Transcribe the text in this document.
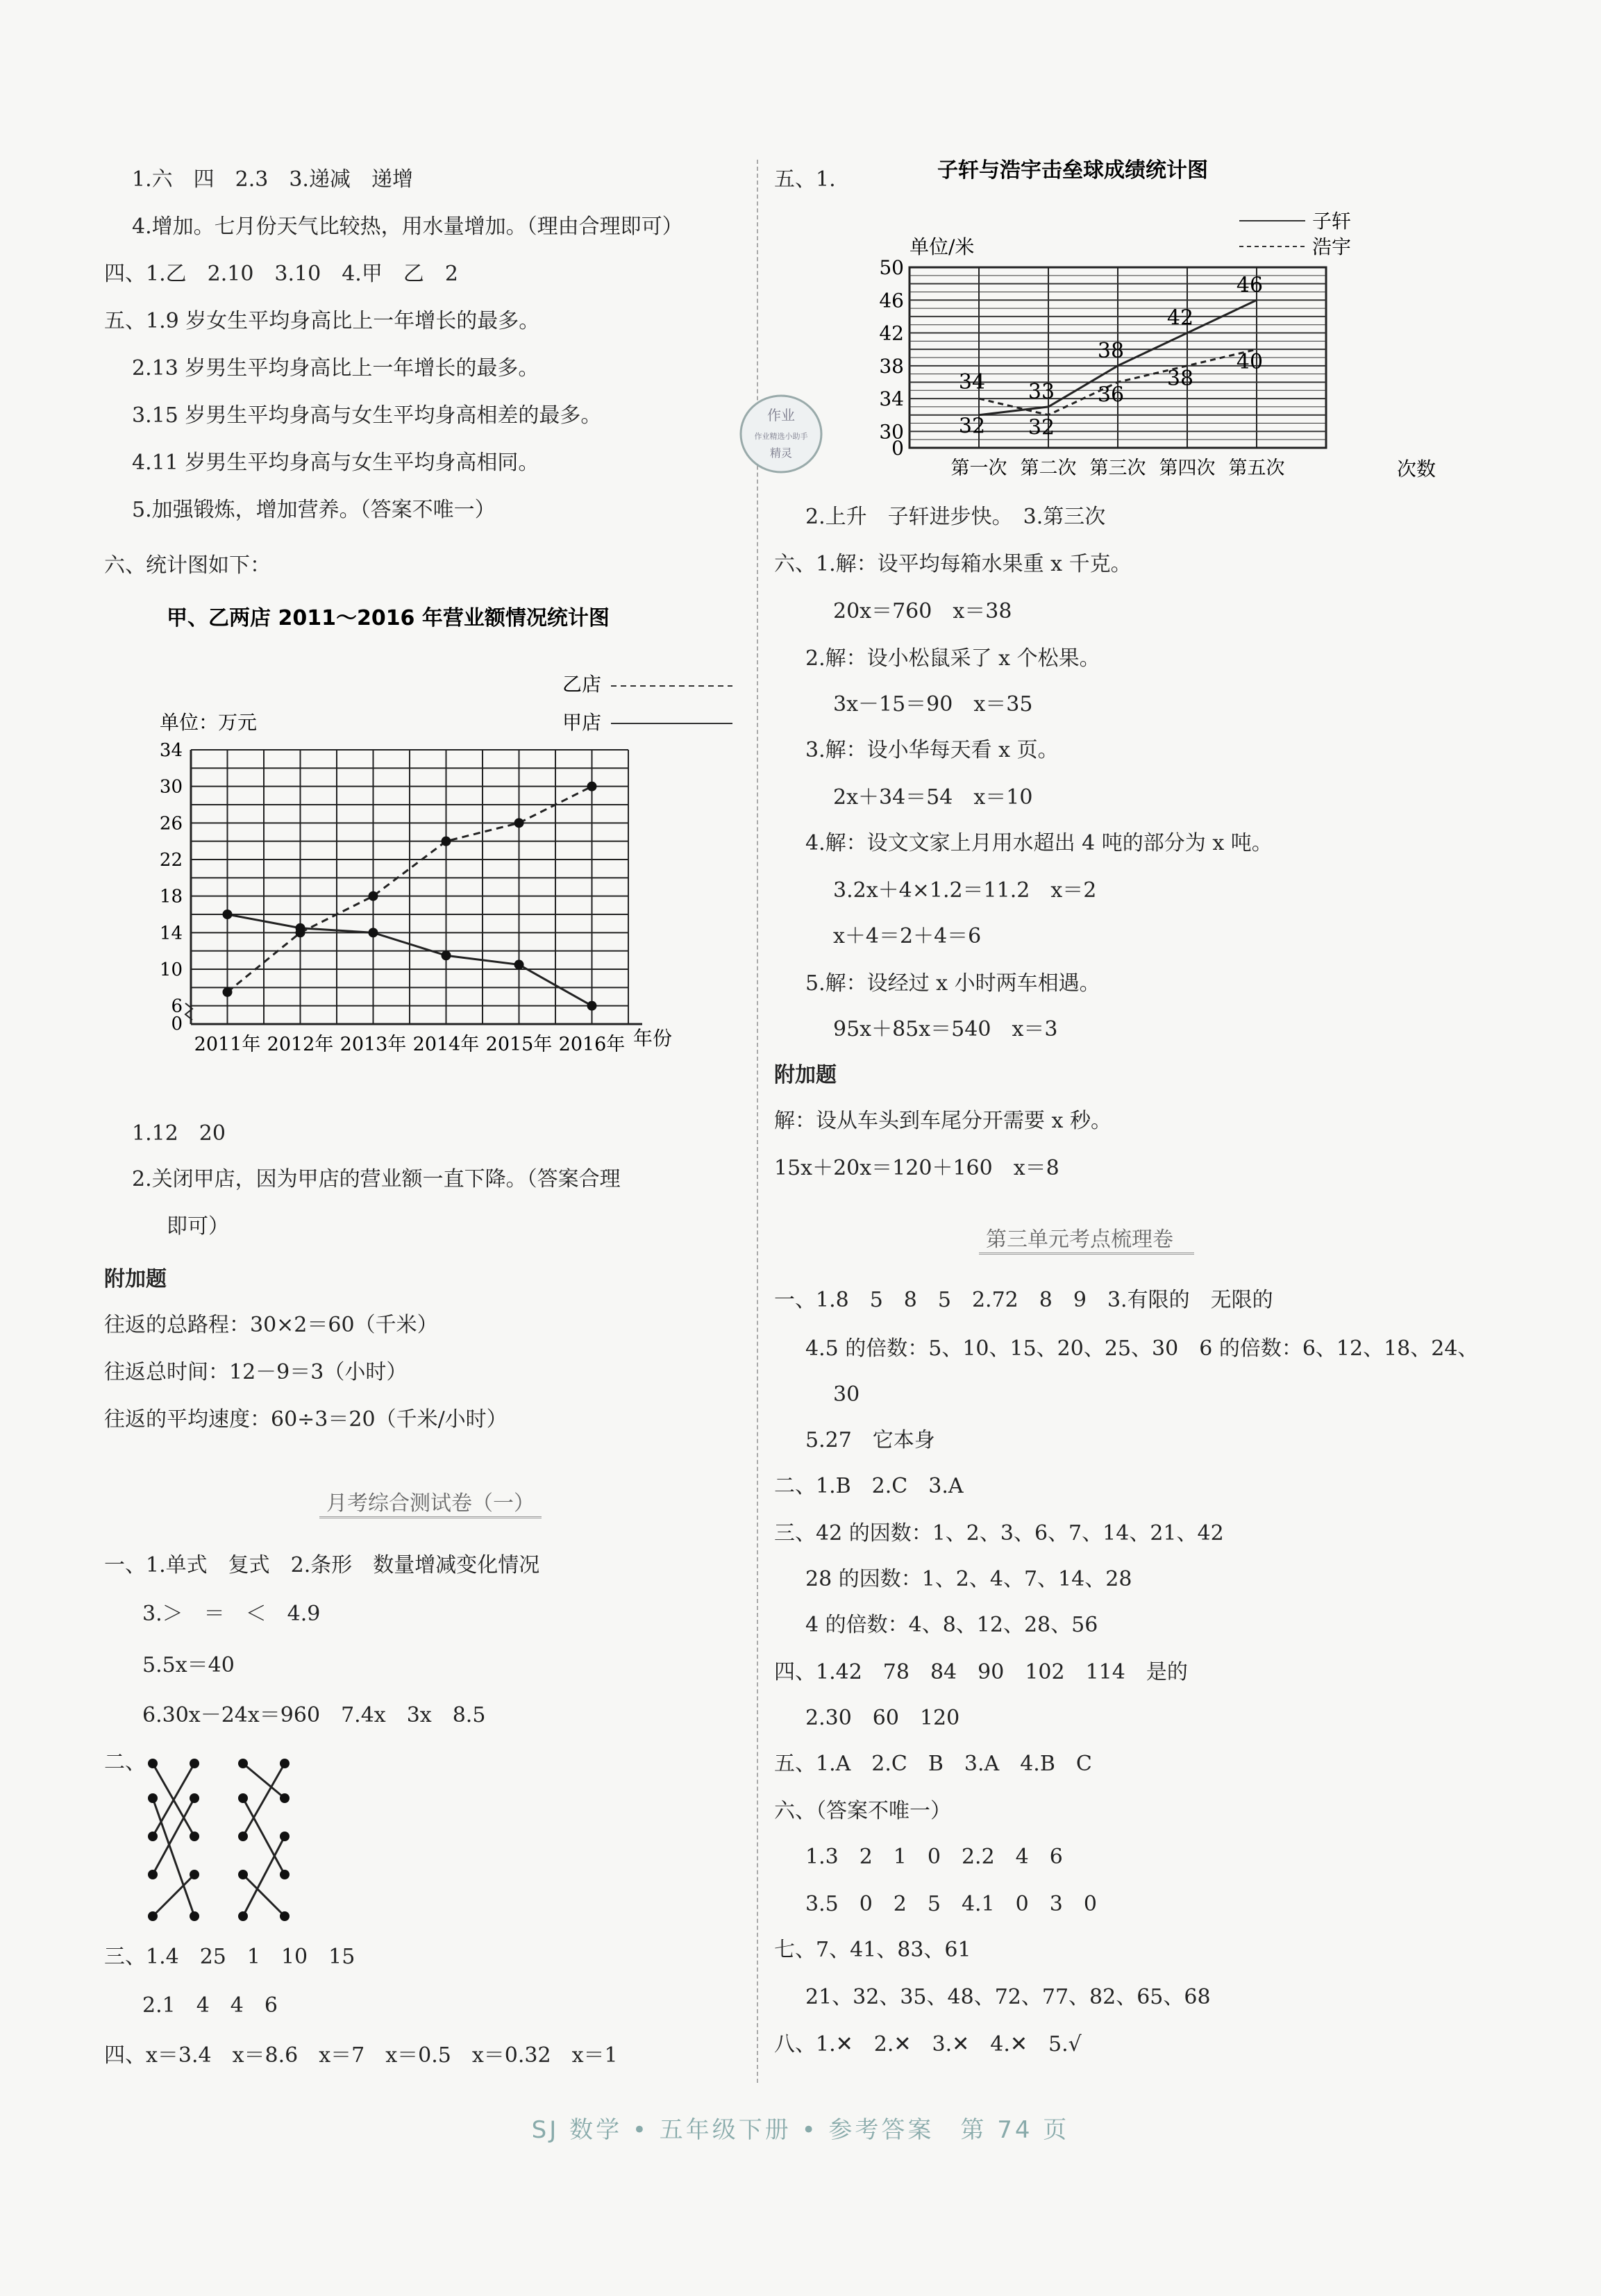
1.六　四　2.3　3.递减　递增
4.增加。七月份天气比较热，用水量增加。（理由合理即可）
四、1.乙　2.10　3.10　4.甲　乙　2
五、1.9 岁女生平均身高比上一年增长的最多。
2.13 岁男生平均身高比上一年增长的最多。
3.15 岁男生平均身高与女生平均身高相差的最多。
4.11 岁男生平均身高与女生平均身高相同。
5.加强锻炼，增加营养。（答案不唯一）
六、统计图如下：
甲、乙两店 2011～2016 年营业额情况统计图
单位：万元
乙店
甲店
0
6
10
14
18
22
26
30
34
2011年 2012年 2013年 2014年 2015年 2016年 年份
1.12　20
2.关闭甲店，因为甲店的营业额一直下降。（答案合理
即可）
附加题
往返的总路程：30×2＝60（千米）
往返总时间：12－9＝3（小时）
往返的平均速度：60÷3＝20（千米/小时）
月考综合测试卷（一）
一、1.单式　复式　2.条形　数量增减变化情况
3.＞　＝　＜　4.9
5.5x＝40
6.30x－24x＝960　7.4x　3x　8.5
二、
三、1.4　25　1　10　15
2.1　4　4　6
四、x＝3.4　x＝8.6　x＝7　x＝0.5　x＝0.32　x＝1
五、1.	子轩与浩宇击垒球成绩统计图
单位/米
子轩
浩宇
0
30
34
38
42
46
50
第一次 第二次 第三次 第四次 第五次
32
33
38
42
46
34
32
36
38
40
次数
作业
作业精选小助手
精灵
2.上升　子轩进步快。　3.第三次
六、1.解：设平均每箱水果重 x 千克。
20x＝760　x＝38
2.解：设小松鼠采了 x 个松果。
3x－15＝90　x＝35
3.解：设小华每天看 x 页。
2x＋34＝54　x＝10
4.解：设文文家上月用水超出 4 吨的部分为 x 吨。
3.2x＋4×1.2＝11.2　x＝2
x＋4＝2＋4＝6
5.解：设经过 x 小时两车相遇。
95x＋85x＝540　x＝3
附加题
解：设从车头到车尾分开需要 x 秒。
15x＋20x＝120＋160　x＝8
第三单元考点梳理卷
一、1.8　5　8　5　2.72　8　9　3.有限的　无限的
4.5 的倍数：5、10、15、20、25、30　6 的倍数：6、12、18、24、
30
5.27　它本身
二、1.B　2.C　3.A
三、42 的因数：1、2、3、6、7、14、21、42
28 的因数：1、2、4、7、14、28
4 的倍数：4、8、12、28、56
四、1.42　78　84　90　102　114　是的
2.30　60　120
五、1.A　2.C　B　3.A　4.B　C
六、（答案不唯一）
1.3　2　1　0　2.2　4　6
3.5　0　2　5　4.1　0　3　0
七、7、41、83、61
21、32、35、48、72、77、82、65、68
八、1.✕　2.✕　3.✕　4.✕　5.√
SJ 数学 • 五年级下册 • 参考答案　第 74 页
